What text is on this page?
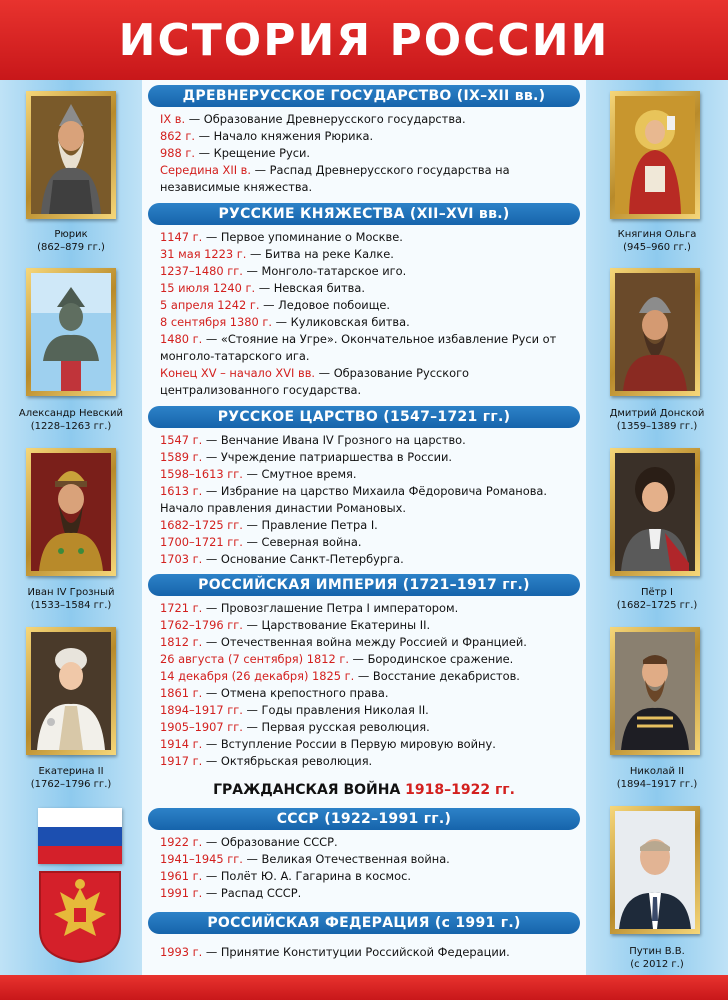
ИСТОРИЯ РОССИИ
Рюрик
(862–879 гг.)
Александр Невский
(1228–1263 гг.)
Иван IV Грозный
(1533–1584 гг.)
Екатерина II
(1762–1796 гг.)
Княгиня Ольга
(945–960 гг.)
Дмитрий Донской
(1359–1389 гг.)
Пётр I
(1682–1725 гг.)
Николай II
(1894–1917 гг.)
Путин В.В.
(с 2012 г.)
ДРЕВНЕРУССКОЕ ГОСУДАРСТВО (IX–XII вв.)
IX в. — Образование Древнерусского государства.
862 г. — Начало княжения Рюрика.
988 г. — Крещение Руси.
Середина XII в. — Распад Древнерусского государства на независимые княжества.
РУССКИЕ КНЯЖЕСТВА (XII–XVI вв.)
1147 г. — Первое упоминание о Москве.
31 мая 1223 г. — Битва на реке Калке.
1237–1480 гг. — Монголо-татарское иго.
15 июля 1240 г. — Невская битва.
5 апреля 1242 г. — Ледовое побоище.
8 сентября 1380 г. — Куликовская битва.
1480 г. — «Стояние на Угре». Окончательное избавление Руси от монголо-татарского ига.
Конец XV – начало XVI вв. — Образование Русского централизованного государства.
РУССКОЕ ЦАРСТВО (1547–1721 гг.)
1547 г. — Венчание Ивана IV Грозного на царство.
1589 г. — Учреждение патриаршества в России.
1598–1613 гг. — Смутное время.
1613 г. — Избрание на царство Михаила Фёдоровича Романова. Начало правления династии Романовых.
1682–1725 гг. — Правление Петра I.
1700–1721 гг. — Северная война.
1703 г. — Основание Санкт-Петербурга.
РОССИЙСКАЯ ИМПЕРИЯ (1721–1917 гг.)
1721 г. — Провозглашение Петра I императором.
1762–1796 гг. — Царствование Екатерины II.
1812 г. — Отечественная война между Россией и Францией.
26 августа (7 сентября) 1812 г. — Бородинское сражение.
14 декабря (26 декабря) 1825 г. — Восстание декабристов.
1861 г. — Отмена крепостного права.
1894–1917 гг. — Годы правления Николая II.
1905–1907 гг. — Первая русская революция.
1914 г. — Вступление России в Первую мировую войну.
1917 г. — Октябрьская революция.
ГРАЖДАНСКАЯ ВОЙНА 1918–1922 гг.
СССР (1922–1991 гг.)
1922 г. — Образование СССР.
1941–1945 гг. — Великая Отечественная война.
1961 г. — Полёт Ю. А. Гагарина в космос.
1991 г. — Распад СССР.
РОССИЙСКАЯ ФЕДЕРАЦИЯ (с 1991 г.)
1993 г. — Принятие Конституции Российской Федерации.
